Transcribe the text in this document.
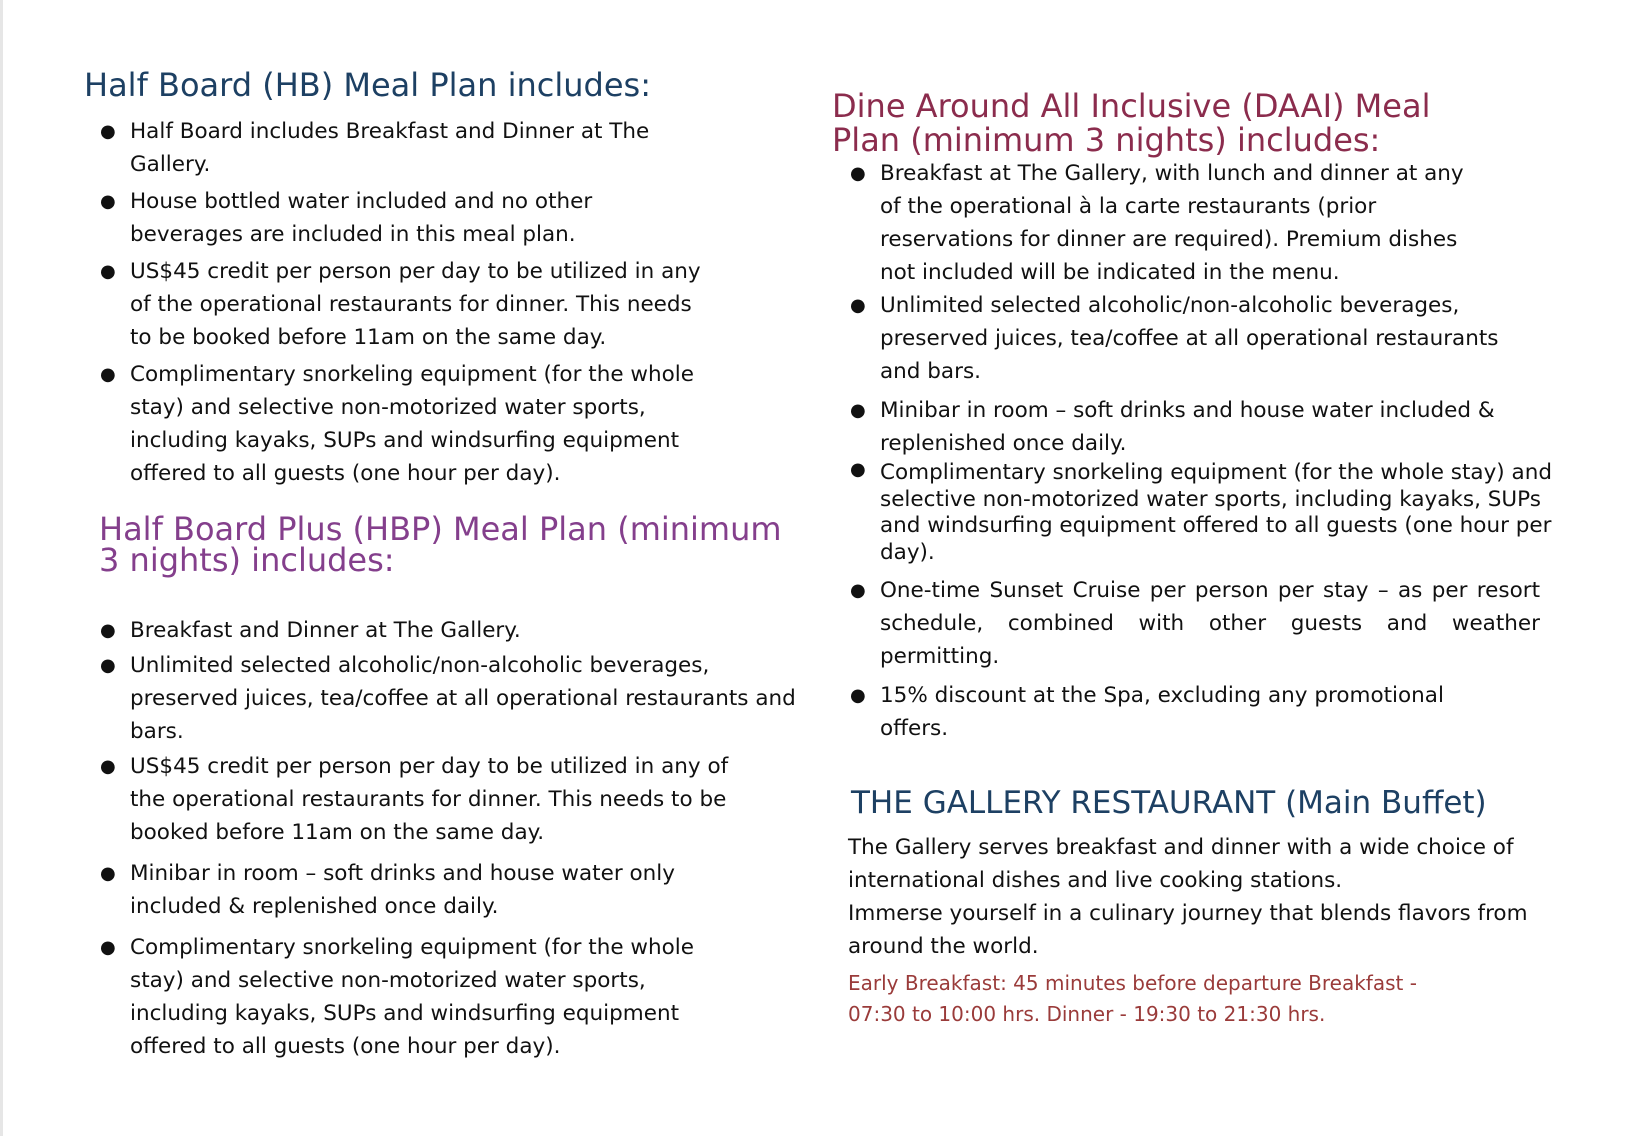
Half Board (HB) Meal Plan includes:
● Half Board includes Breakfast and Dinner at The Gallery.
● House bottled water included and no other beverages are included in this meal plan.
● US$45 credit per person per day to be utilized in any of the operational restaurants for dinner. This needs to be booked before 11am on the same day.
● Complimentary snorkeling equipment (for the whole stay) and selective non-motorized water sports, including kayaks, SUPs and windsurfing equipment offered to all guests (one hour per day).
Half Board Plus (HBP) Meal Plan (minimum 3 nights) includes:
● Breakfast and Dinner at The Gallery.
● Unlimited selected alcoholic/non-alcoholic beverages, preserved juices, tea/coffee at all operational restaurants and bars.
● US$45 credit per person per day to be utilized in any of the operational restaurants for dinner. This needs to be booked before 11am on the same day.
● Minibar in room – soft drinks and house water only included & replenished once daily.
● Complimentary snorkeling equipment (for the whole stay) and selective non-motorized water sports, including kayaks, SUPs and windsurfing equipment offered to all guests (one hour per day).
Dine Around All Inclusive (DAAI) Meal Plan (minimum 3 nights) includes:
● Breakfast at The Gallery, with lunch and dinner at any of the operational à la carte restaurants (prior reservations for dinner are required). Premium dishes not included will be indicated in the menu.
● Unlimited selected alcoholic/non-alcoholic beverages, preserved juices, tea/coffee at all operational restaurants and bars.
● Minibar in room – soft drinks and house water included & replenished once daily.
● Complimentary snorkeling equipment (for the whole stay) and selective non-motorized water sports, including kayaks, SUPs and windsurfing equipment offered to all guests (one hour per day).
● One-time Sunset Cruise per person per stay – as per resort schedule, combined with other guests and weather permitting.
● 15% discount at the Spa, excluding any promotional offers.
THE GALLERY RESTAURANT (Main Buffet)

The Gallery serves breakfast and dinner with a wide choice of international dishes and live cooking stations.
Immerse yourself in a culinary journey that blends flavors from around the world.

Early Breakfast: 45 minutes before departure Breakfast - 07:30 to 10:00 hrs. Dinner - 19:30 to 21:30 hrs.
